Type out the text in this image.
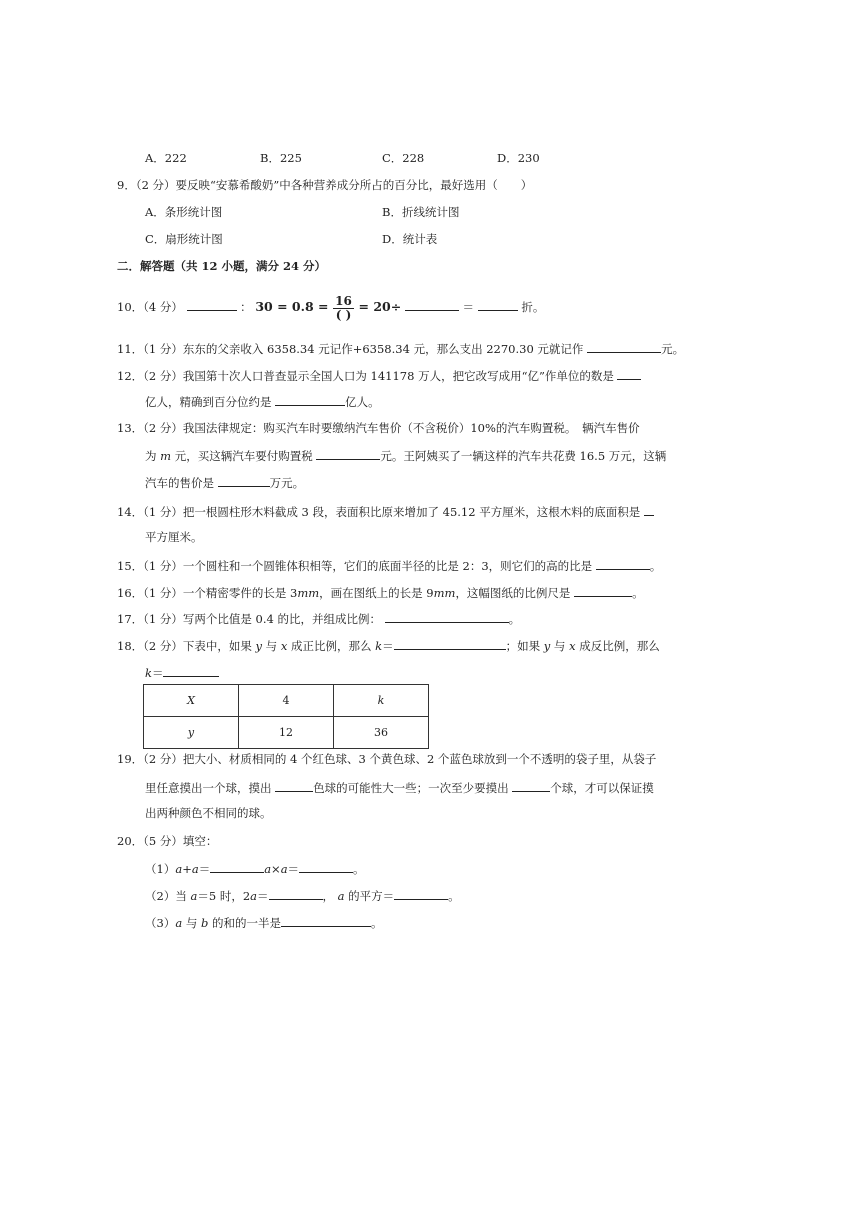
A．222	B．225	C．228	D．230
9．（2 分）要反映“安慕希酸奶”中各种营养成分所占的百分比，最好选用（　　）
A．条形统计图	B．折线统计图
C．扇形统计图	D．统计表
二．解答题（共 12 小题，满分 24 分）
10．（4 分）	： $30 = 0.8 = \frac{16}{( )} = 20\div$	＝	折。
11．（1 分）东东的父亲收入 6358.34 元记作+6358.34 元，那么支出 2270.30 元就记作	元。
12．（2 分）我国第十次人口普查显示全国人口为 141178 万人，把它改写成用“亿”作单位的数是
亿人，精确到百分位约是	亿人。
13．（2 分）我国法律规定：购买汽车时要缴纳汽车售价（不含税价）10%的汽车购置税。　辆汽车售价
为 m 元，买这辆汽车要付购置税	元。王阿姨买了一辆这样的汽车共花费 16.5 万元，这辆
汽车的售价是	万元。
14．（1 分）把一根圆柱形木料截成 3 段，表面积比原来增加了 45.12 平方厘米，这根木料的底面积是
平方厘米。
15．（1 分）一个圆柱和一个圆锥体积相等，它们的底面半径的比是 2：3，则它们的高的比是	。
16．（1 分）一个精密零件的长是 3mm，画在图纸上的长是 9mm，这幅图纸的比例尺是	。
17．（1 分）写两个比值是 0.4 的比，并组成比例：	。
18．（2 分）下表中，如果 y 与 x 成正比例，那么 k＝	；如果 y 与 x 成反比例，那么
k＝
X	4	k
y	12	36
19．（2 分）把大小、材质相同的 4 个红色球、3 个黄色球、2 个蓝色球放到一个不透明的袋子里，从袋子
里任意摸出一个球，摸出	色球的可能性大一些；一次至少要摸出	个球，才可以保证摸
出两种颜色不相同的球。
20．（5 分）填空：
（1）a+a＝	a×a＝	。
（2）当 a＝5 时，2a＝	， a 的平方＝	。
（3）a 与 b 的和的一半是	。
